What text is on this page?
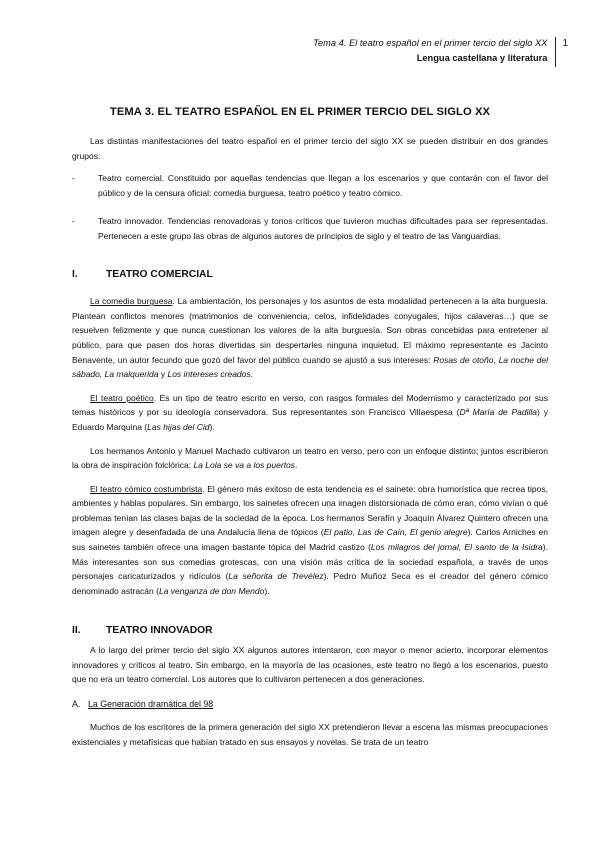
Tema 4. El teatro español en el primer tercio del siglo XX
Lengua castellana y literatura
1
TEMA 3. EL TEATRO ESPAÑOL EN EL PRIMER TERCIO DEL SIGLO XX

Las distintas manifestaciones del teatro español en el primer tercio del siglo XX se pueden distribuir en dos grandes grupos:

-	Teatro comercial. Constituido por aquellas tendencias que llegan a los escenarios y que contarán con el favor del público y de la censura oficial: comedia burguesa, teatro poético y teatro cómico.

-	Teatro innovador. Tendencias renovadoras y tonos críticos que tuvieron muchas dificultades para ser representadas. Pertenecen a este grupo las obras de algunos autores de principios de siglo y el teatro de las Vanguardias.

I.	TEATRO COMERCIAL

La comedia burguesa. La ambientación, los personajes y los asuntos de esta modalidad pertenecen a la alta burguesía. Plantean conflictos menores (matrimonios de conveniencia, celos, infidelidades conyugales, hijos calaveras…) que se resuelven felizmente y que nunca cuestionan los valores de la alta burguesía. Son obras concebidas para entretener al público, para que pasen dos horas divertidas sin despertarles ninguna inquietud. El máximo representante es Jacinto Benavente, un autor fecundo que gozó del favor del público cuando se ajustó a sus intereses: Rosas de otoño, La noche del sábado, La malquerida y Los intereses creados.

El teatro poético. Es un tipo de teatro escrito en verso, con rasgos formales del Modernismo y caracterizado por sus temas históricos y por su ideología conservadora. Sus representantes son Francisco Villaespesa (Dª María de Padilla) y Eduardo Marquina (Las hijas del Cid).

Los hermanos Antonio y Manuel Machado cultivaron un teatro en verso, pero con un enfoque distinto; juntos escribieron la obra de inspiración folclórica: La Lola se va a los puertos.

El teatro cómico costumbrista. El género más exitoso de esta tendencia es el sainete: obra humorística que recrea tipos, ambientes y hablas populares. Sin embargo, los sainetes ofrecen una imagen distorsionada de cómo eran, cómo vivían o qué problemas tenían las clases bajas de la sociedad de la época. Los hermanos Serafín y Joaquín Álvarez Quintero ofrecen una imagen alegre y desenfadada de una Andalucía llena de tópicos (El patio, Las de Caín, El genio alegre). Carlos Arniches en sus sainetes también ofrece una imagen bastante tópica del Madrid castizo (Los milagros del jornal, El santo de la Isidra). Más interesantes son sus comedias grotescas, con una visión más crítica de la sociedad española, a través de unos personajes caricaturizados y ridículos (La señorita de Trevélez). Pedro Muñoz Seca es el creador del género cómico denominado astracán (La venganza de don Mendo).

II.	TEATRO INNOVADOR

A lo largo del primer tercio del siglo XX algunos autores intentaron, con mayor o menor acierto, incorporar elementos innovadores y críticos al teatro. Sin embargo, en la mayoría de las ocasiones, este teatro no llegó a los escenarios, puesto que no era un teatro comercial. Los autores que lo cultivaron pertenecen a dos generaciones.

A. La Generación dramática del 98

Muchos de los escritores de la primera generación del siglo XX pretendieron llevar a escena las mismas preocupaciones existenciales y metafísicas que habían tratado en sus ensayos y novelas. Se trata de un teatro
